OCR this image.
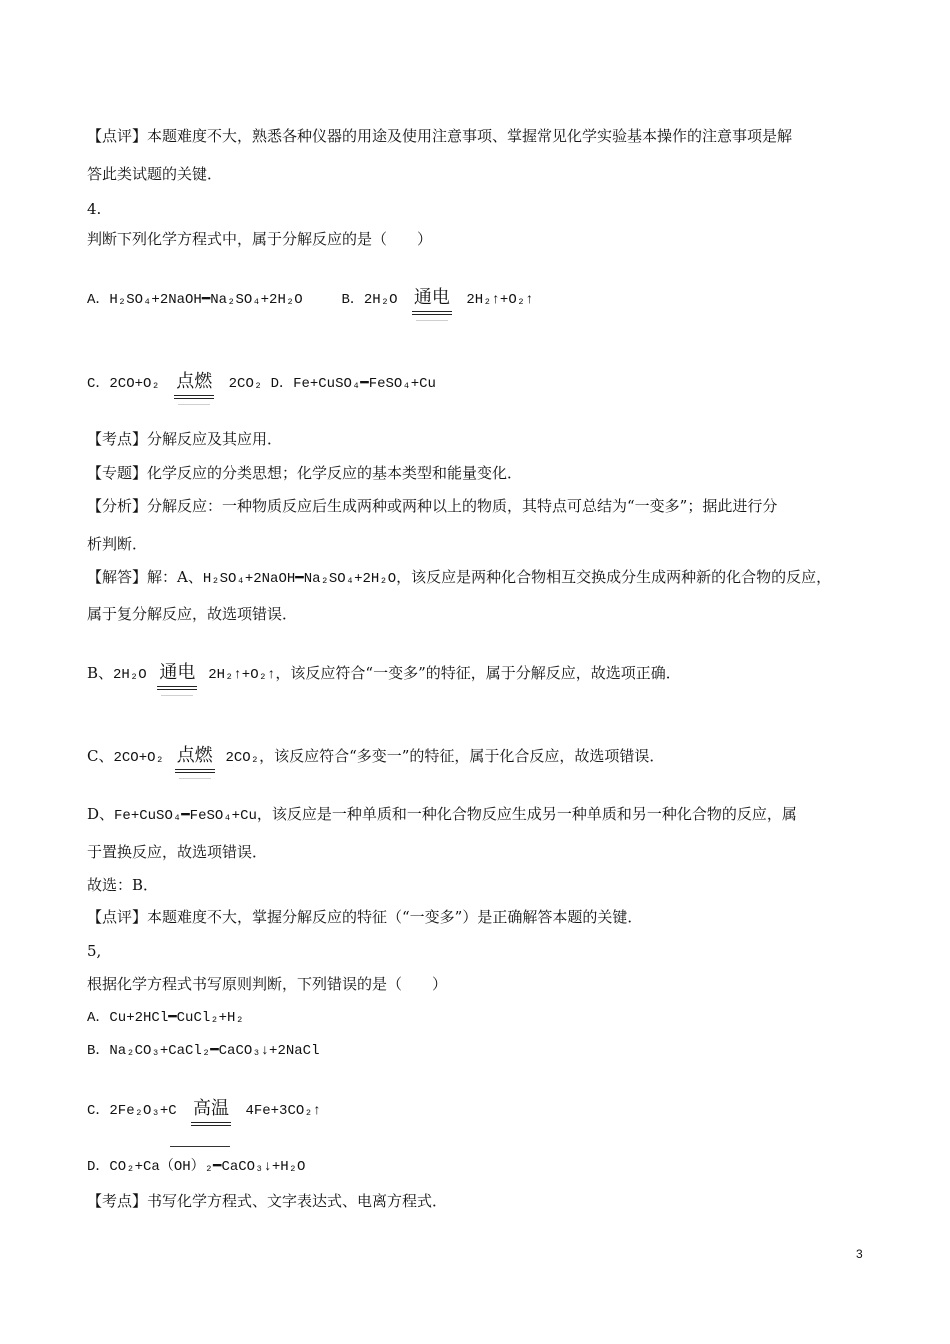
【点评】本题难度不大，熟悉各种仪器的用途及使用注意事项、掌握常见化学实验基本操作的注意事项是解
答此类试题的关键．
4.
判断下列化学方程式中，属于分解反应的是（　　）
A．H₂SO₄+2NaOH━Na₂SO₄+2H₂O	B．2H₂O 通电 2H₂↑+O₂↑
C．2CO+O₂ 点燃 2CO₂ D．Fe+CuSO₄━FeSO₄+Cu
【考点】分解反应及其应用．
【专题】化学反应的分类思想；化学反应的基本类型和能量变化．
【分析】分解反应：一种物质反应后生成两种或两种以上的物质，其特点可总结为“一变多”；据此进行分
析判断．
【解答】解：A、H₂SO₄+2NaOH━Na₂SO₄+2H₂O，该反应是两种化合物相互交换成分生成两种新的化合物的反应，
属于复分解反应，故选项错误．
B、2H₂O 通电 2H₂↑+O₂↑，该反应符合“一变多”的特征，属于分解反应，故选项正确．
C、2CO+O₂ 点燃 2CO₂，该反应符合“多变一”的特征，属于化合反应，故选项错误．
D、Fe+CuSO₄━FeSO₄+Cu，该反应是一种单质和一种化合物反应生成另一种单质和另一种化合物的反应，属
于置换反应，故选项错误．
故选：B．
【点评】本题难度不大，掌握分解反应的特征（“一变多”）是正确解答本题的关键．
5,
根据化学方程式书写原则判断，下列错误的是（　　）
A．Cu+2HCl━CuCl₂+H₂
B．Na₂CO₃+CaCl₂━CaCO₃↓+2NaCl
C．2Fe₂O₃+C 高温 4Fe+3CO₂↑
D．CO₂+Ca（OH）₂━CaCO₃↓+H₂O
【考点】书写化学方程式、文字表达式、电离方程式．
3
